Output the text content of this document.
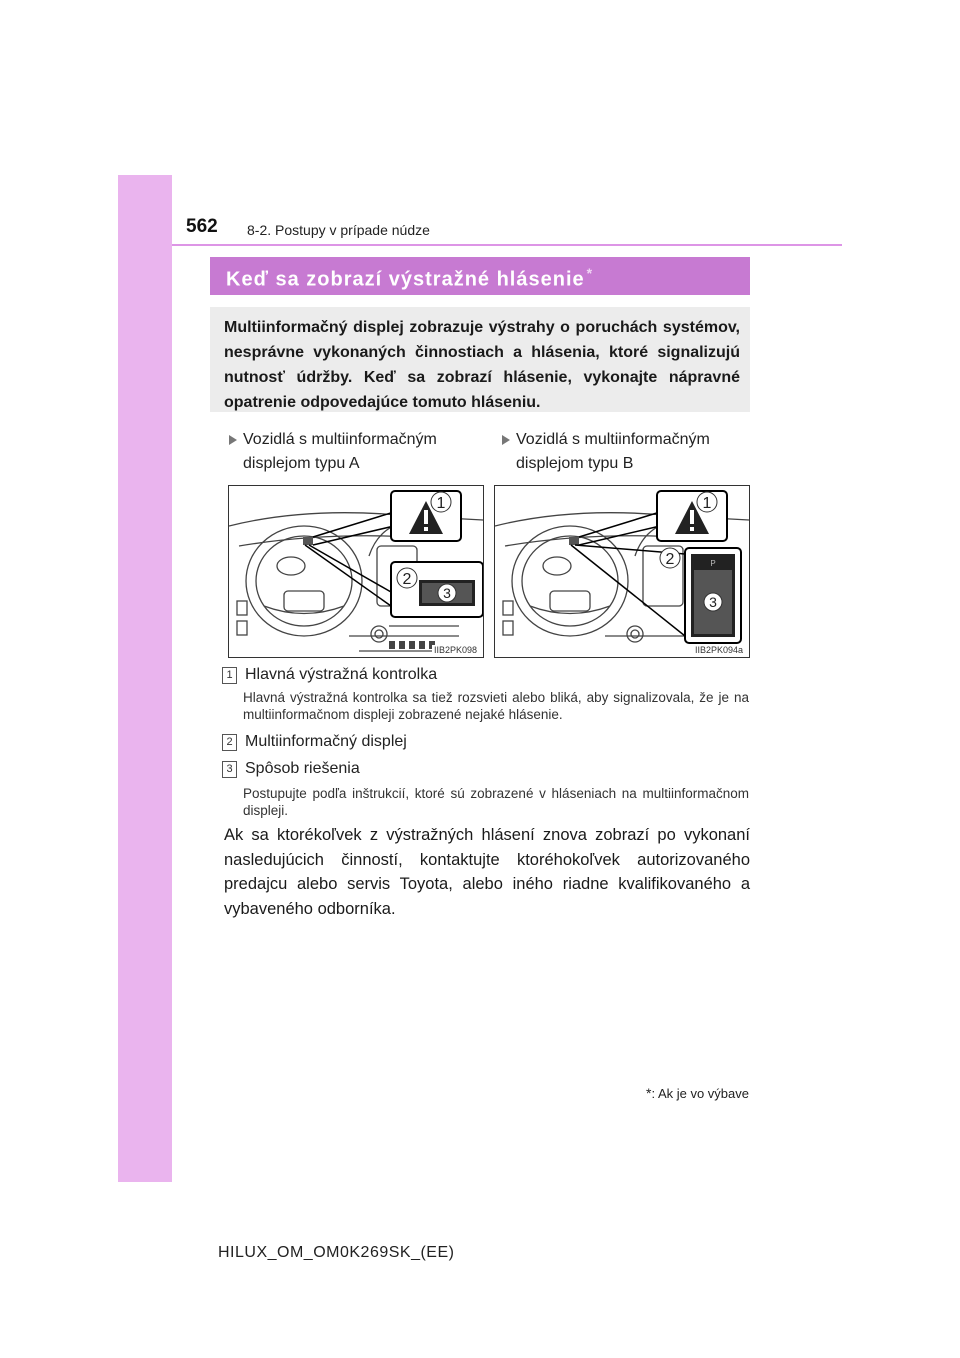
562 8-2. Postupy v prípade núdze
Keď sa zobrazí výstražné hlásenie *
Multiinformačný displej zobrazuje výstrahy o poruchách systémov, nesprávne vykonaných činnostiach a hlásenia, ktoré signalizujú nutnosť údržby. Keď sa zobrazí hlásenie, vykonajte nápravné opatrenie odpovedajúce tomuto hláseniu.
Vozidlá s multiinformačným displejom typu A
Vozidlá s multiinformačným displejom typu B
1
2
3
IIB2PK098
P
1
2
3
IIB2PK094a
1 Hlavná výstražná kontrolka
Hlavná výstražná kontrolka sa tiež rozsvieti alebo bliká, aby signalizovala, že je na multiinformačnom displeji zobrazené nejaké hlásenie.
2 Multiinformačný displej
3 Spôsob riešenia
Postupujte podľa inštrukcií, ktoré sú zobrazené v hláseniach na multiinformačnom displeji.
Ak sa ktorékoľvek z výstražných hlásení znova zobrazí po vykonaní nasledujúcich činností, kontaktujte ktoréhokoľvek autorizovaného predajcu alebo servis Toyota, alebo iného riadne kvalifikovaného a vybaveného odborníka.
*: Ak je vo výbave
HILUX_OM_OM0K269SK_(EE)
